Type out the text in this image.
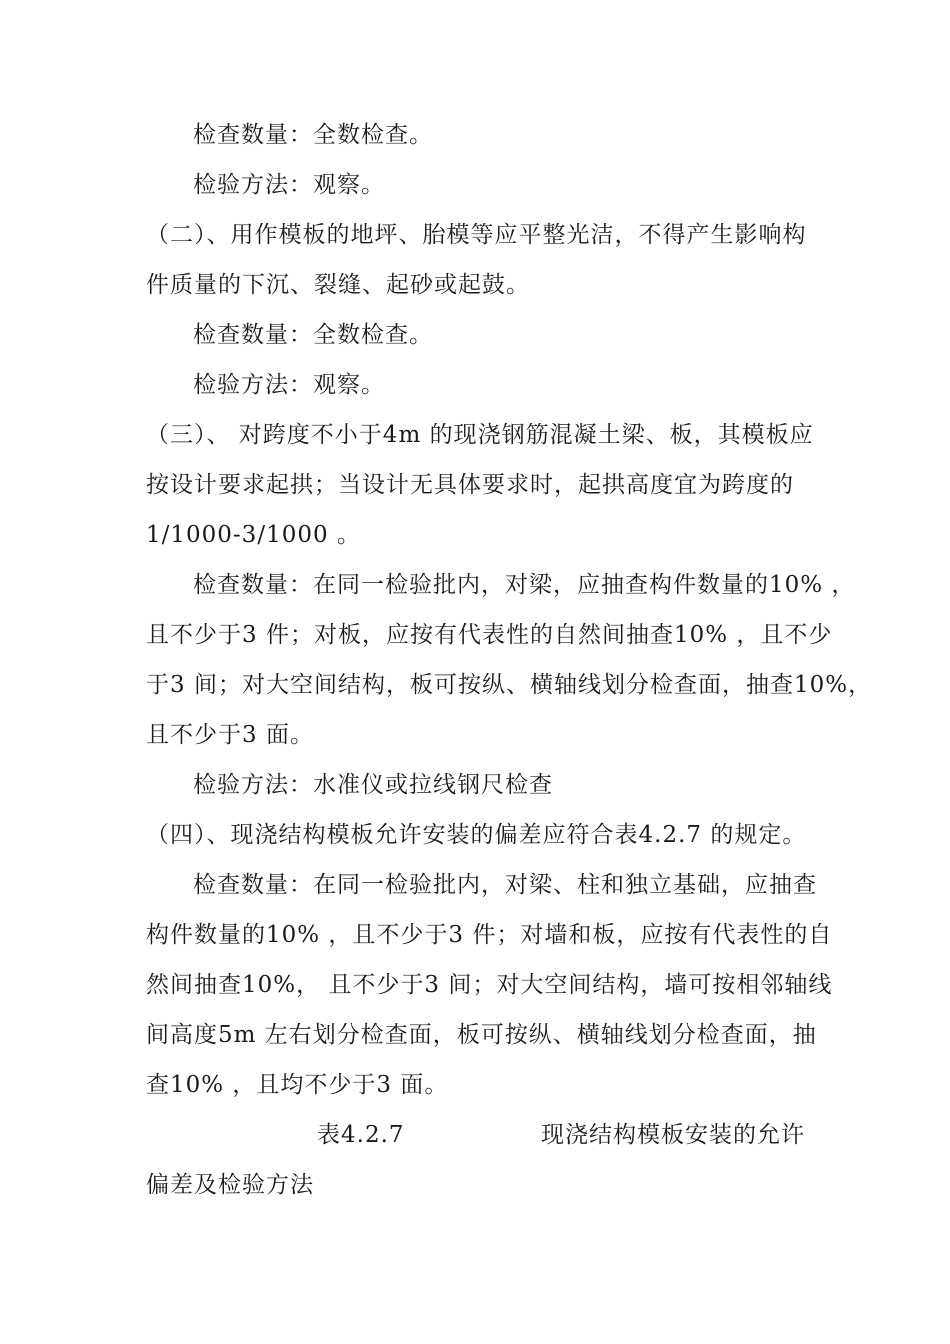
检查数量：全数检查。
检验方法：观察。
（二）、用作模板的地坪、胎模等应平整光洁，不得产生影响构
件质量的下沉、裂缝、起砂或起鼓。
检查数量：全数检查。
检验方法：观察。
（三）、 对跨度不小于4m 的现浇钢筋混凝土梁、板，其模板应
按设计要求起拱；当设计无具体要求时，起拱高度宜为跨度的
1/1000-3/1000 。
检查数量：在同一检验批内，对梁，应抽查构件数量的10% ，
且不少于3 件；对板，应按有代表性的自然间抽查10% ，且不少
于3 间；对大空间结构，板可按纵、横轴线划分检查面，抽查10%，
且不少于3 面。
检验方法：水准仪或拉线钢尺检查
（四）、现浇结构模板允许安装的偏差应符合表4.2.7 的规定。
检查数量：在同一检验批内，对梁、柱和独立基础，应抽查
构件数量的10% ，且不少于3 件；对墙和板，应按有代表性的自
然间抽查10%， 且不少于3 间；对大空间结构，墙可按相邻轴线
间高度5m 左右划分检查面，板可按纵、横轴线划分检查面，抽
查10% ，且均不少于3 面。
表4.2.7	现浇结构模板安装的允许
偏差及检验方法
